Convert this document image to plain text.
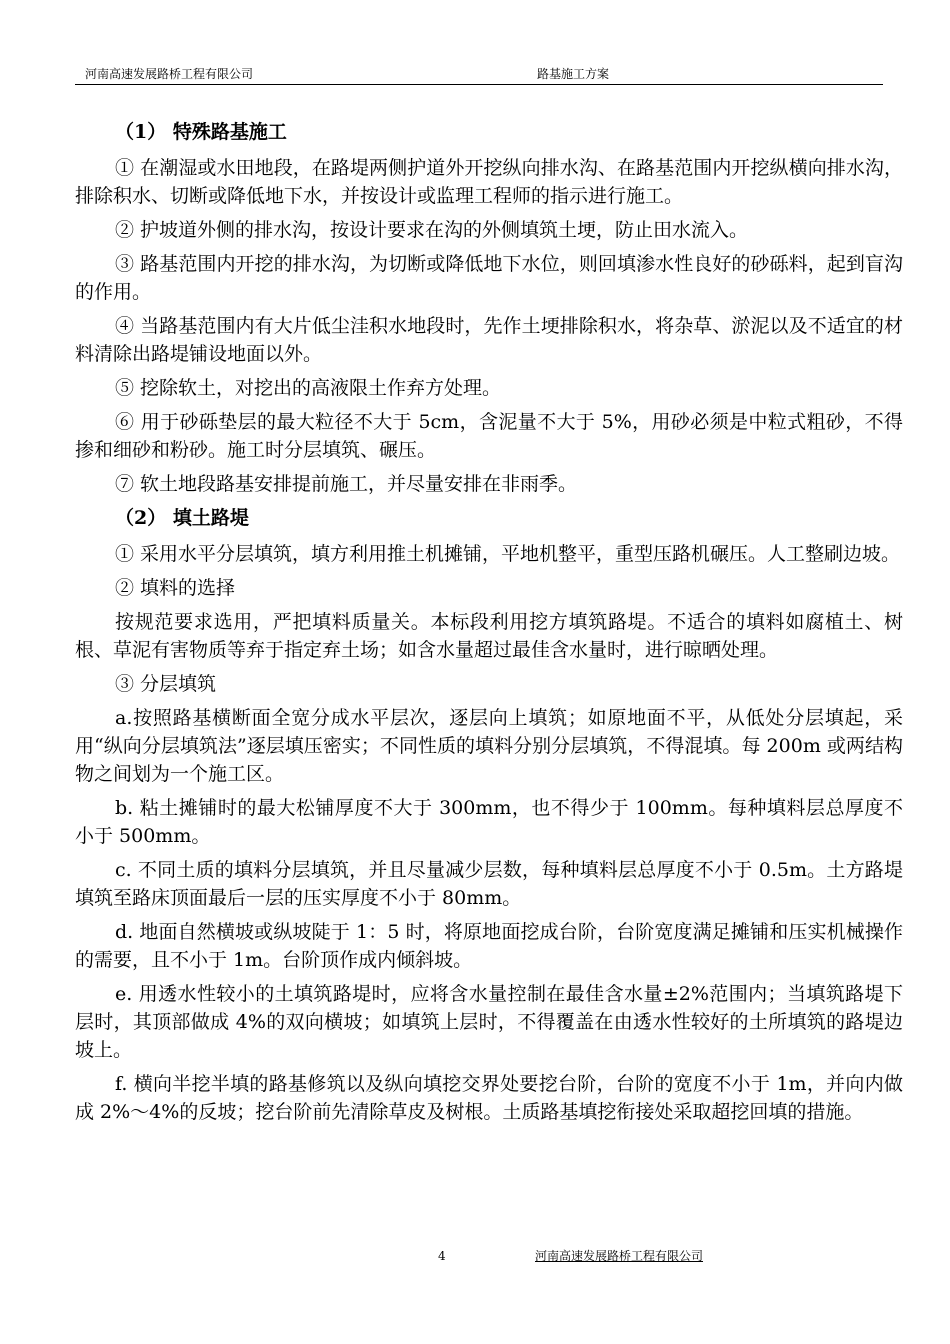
河南高速发展路桥工程有限公司	路基施工方案

（1） 特殊路基施工

① 在潮湿或水田地段，在路堤两侧护道外开挖纵向排水沟、在路基范围内开挖纵横向排水沟，排除积水、切断或降低地下水，并按设计或监理工程师的指示进行施工。

② 护坡道外侧的排水沟，按设计要求在沟的外侧填筑土埂，防止田水流入。

③ 路基范围内开挖的排水沟，为切断或降低地下水位，则回填渗水性良好的砂砾料，起到盲沟的作用。

④ 当路基范围内有大片低尘洼积水地段时，先作土埂排除积水，将杂草、淤泥以及不适宜的材料清除出路堤铺设地面以外。

⑤ 挖除软土，对挖出的高液限土作弃方处理。

⑥ 用于砂砾垫层的最大粒径不大于 5cm，含泥量不大于 5%，用砂必须是中粒式粗砂，不得掺和细砂和粉砂。施工时分层填筑、碾压。

⑦ 软土地段路基安排提前施工，并尽量安排在非雨季。

（2） 填土路堤

① 采用水平分层填筑，填方利用推土机摊铺，平地机整平，重型压路机碾压。人工整刷边坡。

② 填料的选择

按规范要求选用，严把填料质量关。本标段利用挖方填筑路堤。不适合的填料如腐植土、树根、草泥有害物质等弃于指定弃土场；如含水量超过最佳含水量时，进行晾晒处理。

③ 分层填筑

a.按照路基横断面全宽分成水平层次，逐层向上填筑；如原地面不平，从低处分层填起，采用“纵向分层填筑法”逐层填压密实；不同性质的填料分别分层填筑，不得混填。每 200m 或两结构物之间划为一个施工区。

b. 粘土摊铺时的最大松铺厚度不大于 300mm，也不得少于 100mm。每种填料层总厚度不小于 500mm。

c. 不同土质的填料分层填筑，并且尽量减少层数，每种填料层总厚度不小于 0.5m。土方路堤填筑至路床顶面最后一层的压实厚度不小于 80mm。

d. 地面自然横坡或纵坡陡于 1：5 时，将原地面挖成台阶，台阶宽度满足摊铺和压实机械操作的需要，且不小于 1m。台阶顶作成内倾斜坡。

e. 用透水性较小的土填筑路堤时，应将含水量控制在最佳含水量±2%范围内；当填筑路堤下层时，其顶部做成 4%的双向横坡；如填筑上层时，不得覆盖在由透水性较好的土所填筑的路堤边坡上。

f. 横向半挖半填的路基修筑以及纵向填挖交界处要挖台阶，台阶的宽度不小于 1m，并向内做成 2%～4%的反坡；挖台阶前先清除草皮及树根。土质路基填挖衔接处采取超挖回填的措施。

4	河南高速发展路桥工程有限公司
